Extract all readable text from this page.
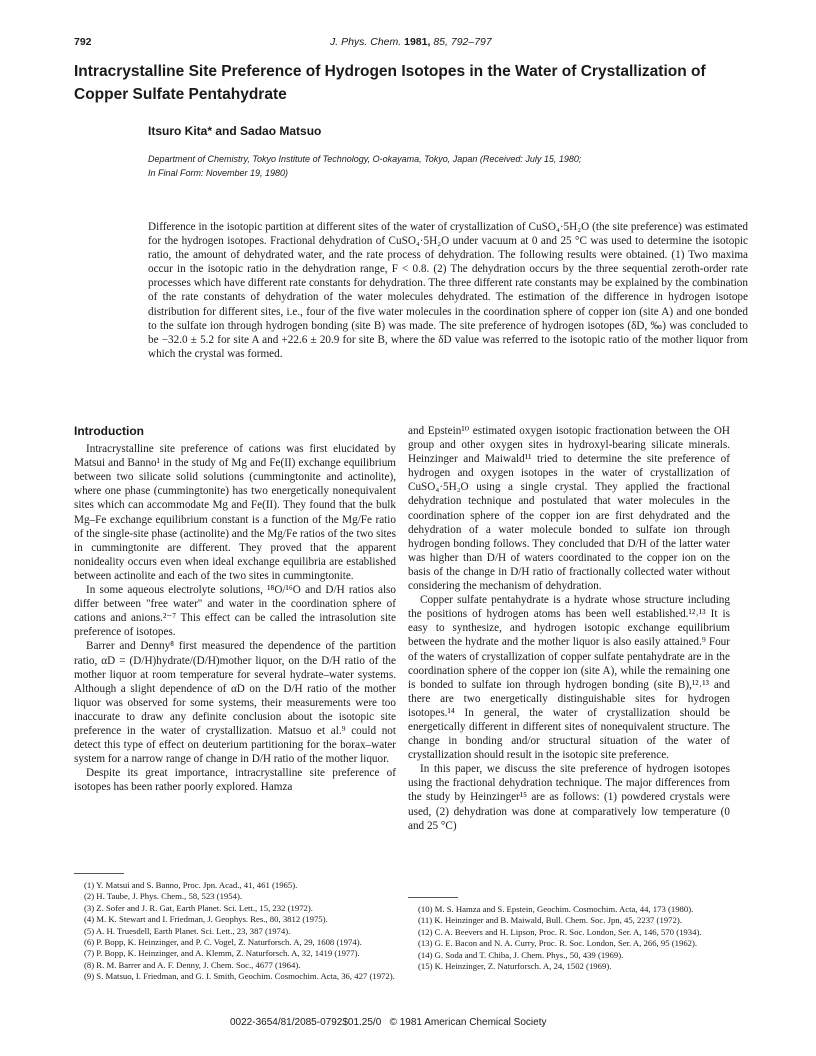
792	J. Phys. Chem. 1981, 85, 792–797
Intracrystalline Site Preference of Hydrogen Isotopes in the Water of Crystallization of Copper Sulfate Pentahydrate
Itsuro Kita* and Sadao Matsuo
Department of Chemistry, Tokyo Institute of Technology, O-okayama, Tokyo, Japan (Received: July 15, 1980;
In Final Form: November 19, 1980)
Difference in the isotopic partition at different sites of the water of crystallization of CuSO₄·5H₂O (the site preference) was estimated for the hydrogen isotopes. Fractional dehydration of CuSO₄·5H₂O under vacuum at 0 and 25 °C was used to determine the isotopic ratio, the amount of dehydrated water, and the rate process of dehydration. The following results were obtained. (1) Two maxima occur in the isotopic ratio in the dehydration range, F < 0.8. (2) The dehydration occurs by the three sequential zeroth-order rate processes which have different rate constants for dehydration. The three different rate constants may be explained by the combination of the rate constants of dehydration of the water molecules dehydrated. The estimation of the difference in hydrogen isotope distribution for different sites, i.e., four of the five water molecules in the coordination sphere of copper ion (site A) and one bonded to the sulfate ion through hydrogen bonding (site B) was made. The site preference of hydrogen isotopes (δD, ‰) was concluded to be −32.0 ± 5.2 for site A and +22.6 ± 20.9 for site B, where the δD value was referred to the isotopic ratio of the mother liquor from which the crystal was formed.

Introduction

Intracrystalline site preference of cations was first elucidated by Matsui and Banno¹ in the study of Mg and Fe(II) exchange equilibrium between two silicate solid solutions (cummingtonite and actinolite), where one phase (cummingtonite) has two energetically nonequivalent sites which can accommodate Mg and Fe(II). They found that the bulk Mg–Fe exchange equilibrium constant is a function of the Mg/Fe ratio of the single-site phase (actinolite) and the Mg/Fe ratios of the two sites in cummingtonite are different. They proved that the apparent nonideality occurs even when ideal exchange equilibria are established between actinolite and each of the two sites in cummingtonite.

In some aqueous electrolyte solutions, ¹⁸O/¹⁶O and D/H ratios also differ between "free water" and water in the coordination sphere of cations and anions.²⁻⁷ This effect can be called the intrasolution site preference of isotopes.

Barrer and Denny⁸ first measured the dependence of the partition ratio, αD = (D/H)hydrate/(D/H)mother liquor, on the D/H ratio of the mother liquor at room temperature for several hydrate–water systems. Although a slight dependence of αD on the D/H ratio of the mother liquor was observed for some systems, their measurements were too inaccurate to draw any definite conclusion about the isotopic site preference in the water of crystallization. Matsuo et al.⁹ could not detect this type of effect on deuterium partitioning for the borax–water system for a narrow range of change in D/H ratio of the mother liquor.

Despite its great importance, intracrystalline site preference of isotopes has been rather poorly explored. Hamza

and Epstein¹⁰ estimated oxygen isotopic fractionation between the OH group and other oxygen sites in hydroxyl-bearing silicate minerals. Heinzinger and Maiwald¹¹ tried to determine the site preference of hydrogen and oxygen isotopes in the water of crystallization of CuSO₄·5H₂O using a single crystal. They applied the fractional dehydration technique and postulated that water molecules in the coordination sphere of the copper ion are first dehydrated and the dehydration of a water molecule bonded to sulfate ion through hydrogen bonding follows. They concluded that D/H of the latter water was higher than D/H of waters coordinated to the copper ion on the basis of the change in D/H ratio of fractionally collected water without considering the mechanism of dehydration.

Copper sulfate pentahydrate is a hydrate whose structure including the positions of hydrogen atoms has been well established.¹²˒¹³ It is easy to synthesize, and hydrogen isotopic exchange equilibrium between the hydrate and the mother liquor is also easily attained.⁹ Four of the waters of crystallization of copper sulfate pentahydrate are in the coordination sphere of the copper ion (site A), while the remaining one is bonded to sulfate ion through hydrogen bonding (site B),¹²˒¹³ and there are two energetically distinguishable sites for hydrogen isotopes.¹⁴ In general, the water of crystallization should be energetically different in different sites of nonequivalent structure. The change in bonding and/or structural situation of the water of crystallization should result in the isotopic site preference.

In this paper, we discuss the site preference of hydrogen isotopes using the fractional dehydration technique. The major differences from the study by Heinzinger¹⁵ are as follows: (1) powdered crystals were used, (2) dehydration was done at comparatively low temperature (0 and 25 °C)

(1) Y. Matsui and S. Banno, Proc. Jpn. Acad., 41, 461 (1965).
(2) H. Taube, J. Phys. Chem., 58, 523 (1954).
(3) Z. Sofer and J. R. Gat, Earth Planet. Sci. Lett., 15, 232 (1972).
(4) M. K. Stewart and I. Friedman, J. Geophys. Res., 80, 3812 (1975).
(5) A. H. Truesdell, Earth Planet. Sci. Lett., 23, 387 (1974).
(6) P. Bopp, K. Heinzinger, and P. C. Vogel, Z. Naturforsch. A, 29, 1608 (1974).
(7) P. Bopp, K. Heinzinger, and A. Klemm, Z. Naturforsch. A, 32, 1419 (1977).
(8) R. M. Barrer and A. F. Denny, J. Chem. Soc., 4677 (1964).
(9) S. Matsuo, I. Friedman, and G. I. Smith, Geochim. Cosmochim. Acta, 36, 427 (1972).
(10) M. S. Hamza and S. Epstein, Geochim. Cosmochim. Acta, 44, 173 (1980).
(11) K. Heinzinger and B. Maiwald, Bull. Chem. Soc. Jpn, 45, 2237 (1972).
(12) C. A. Beevers and H. Lipson, Proc. R. Soc. London, Ser. A, 146, 570 (1934).
(13) G. E. Bacon and N. A. Curry, Proc. R. Soc. London, Ser. A, 266, 95 (1962).
(14) G. Soda and T. Chiba, J. Chem. Phys., 50, 439 (1969).
(15) K. Heinzinger, Z. Naturforsch. A, 24, 1502 (1969).
0022-3654/81/2085-0792$01.25/0   © 1981 American Chemical Society
